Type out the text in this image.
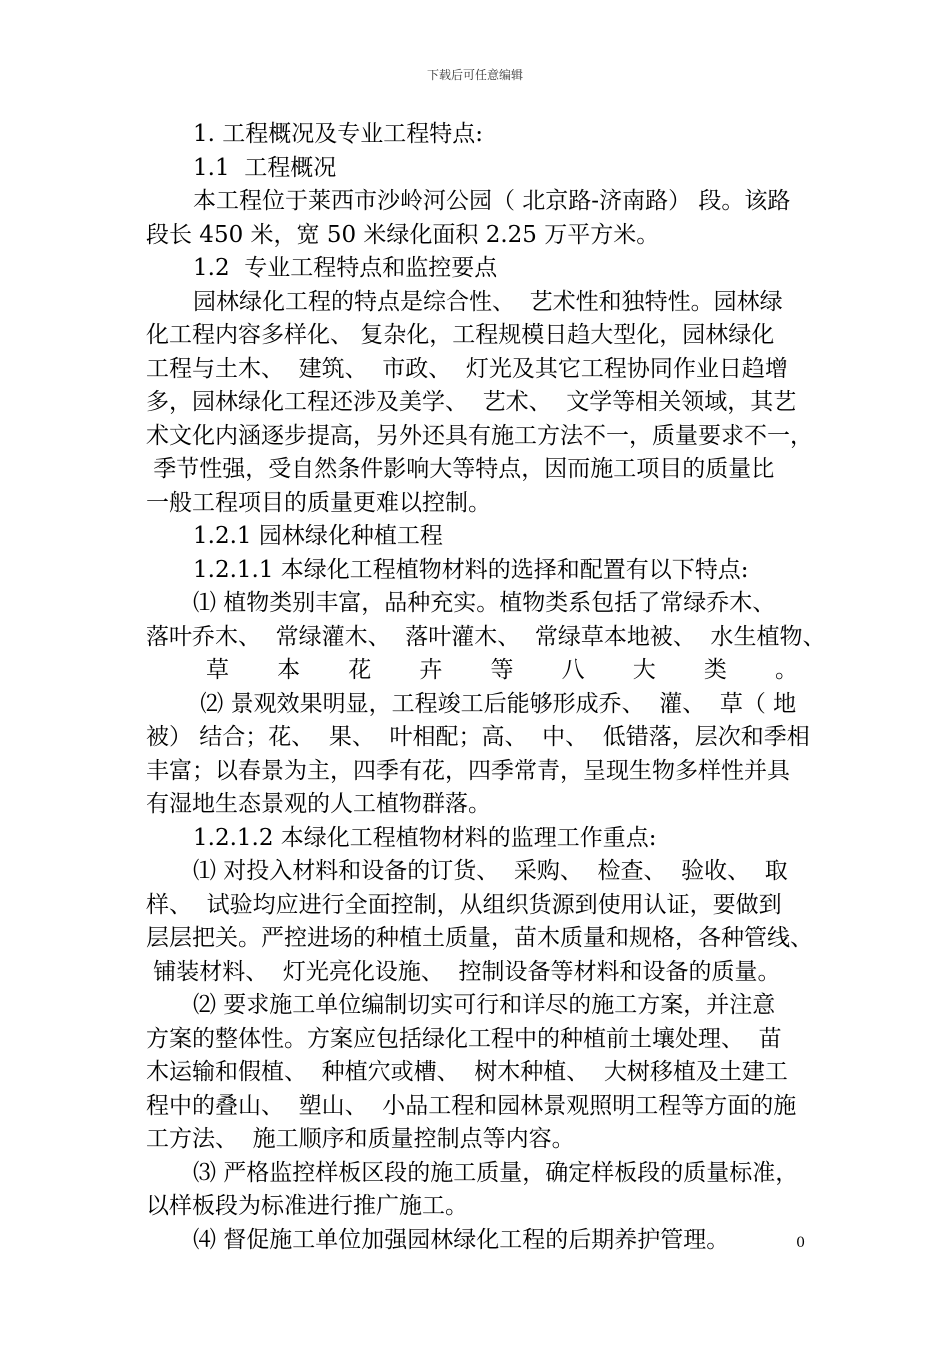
下载后可任意编辑

1. 工程概况及专业工程特点:

1.1  工程概况

本工程位于莱西市沙岭河公园（ 北京路-济南路） 段。该路

段长 450 米，宽 50 米绿化面积 2.25 万平方米。

1.2  专业工程特点和监控要点

园林绿化工程的特点是综合性、  艺术性和独特性。园林绿

化工程内容多样化、 复杂化，工程规模日趋大型化，园林绿化

工程与土木、  建筑、  市政、  灯光及其它工程协同作业日趋增

多，园林绿化工程还涉及美学、  艺术、  文学等相关领域，其艺

术文化内涵逐步提高，另外还具有施工方法不一，质量要求不一，

季节性强，受自然条件影响大等特点，因而施工项目的质量比

一般工程项目的质量更难以控制。

1.2.1 园林绿化种植工程

1.2.1.1 本绿化工程植物材料的选择和配置有以下特点:

⑴ 植物类别丰富，品种充实。植物类系包括了常绿乔木、

落叶乔木、  常绿灌木、  落叶灌木、  常绿草本地被、  水生植物、

草 本 花 卉 等 八 大 类 。

⑵ 景观效果明显，工程竣工后能够形成乔、  灌、  草（ 地

被） 结合；花、  果、  叶相配；高、  中、  低错落，层次和季相

丰富；以春景为主，四季有花，四季常青，呈现生物多样性并具

有湿地生态景观的人工植物群落。

1.2.1.2 本绿化工程植物材料的监理工作重点:

⑴ 对投入材料和设备的订货、  采购、  检查、  验收、  取

样、  试验均应进行全面控制，从组织货源到使用认证，要做到

层层把关。严控进场的种植土质量，苗木质量和规格，各种管线、

铺装材料、  灯光亮化设施、  控制设备等材料和设备的质量。

⑵ 要求施工单位编制切实可行和详尽的施工方案，并注意

方案的整体性。方案应包括绿化工程中的种植前土壤处理、  苗

木运输和假植、  种植穴或槽、  树木种植、  大树移植及土建工

程中的叠山、  塑山、  小品工程和园林景观照明工程等方面的施

工方法、  施工顺序和质量控制点等内容。

⑶ 严格监控样板区段的施工质量，确定样板段的质量标准，

以样板段为标准进行推广施工。

⑷ 督促施工单位加强园林绿化工程的后期养护管理。	0
